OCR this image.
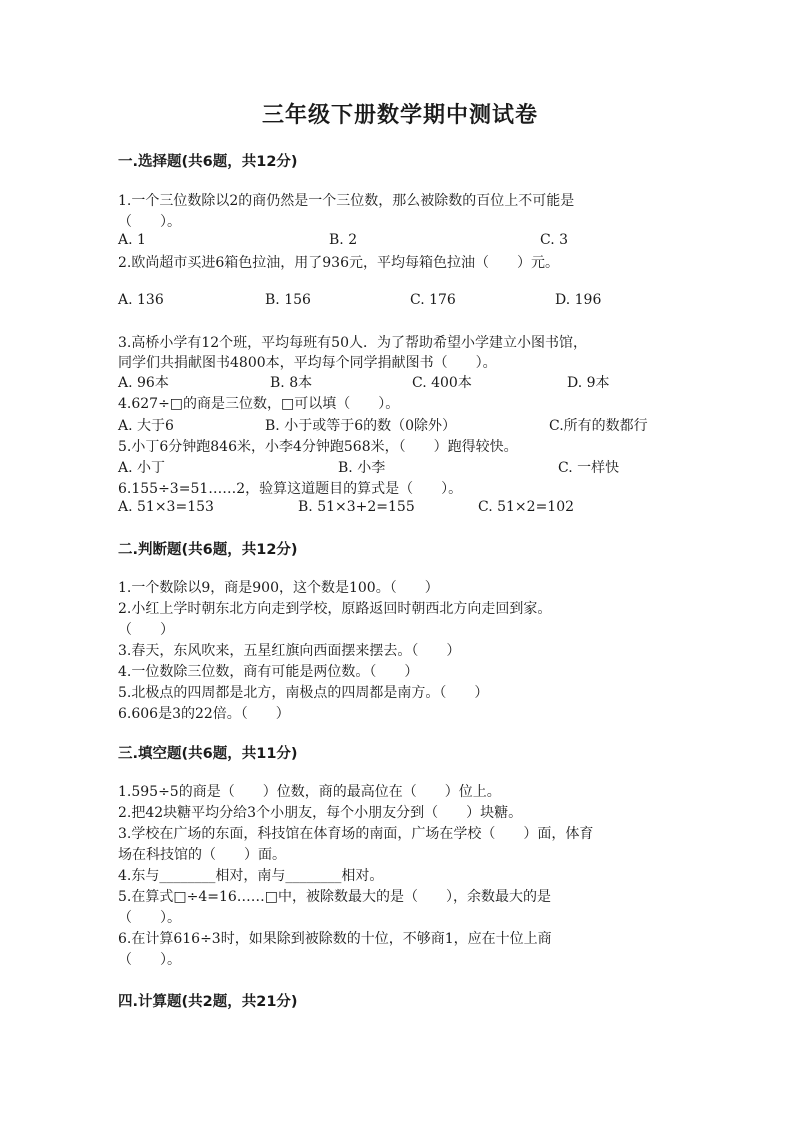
三年级下册数学期中测试卷
一.选择题(共6题，共12分)
1.一个三位数除以2的商仍然是一个三位数，那么被除数的百位上不可能是
（　　）。
A. 1	B. 2	C. 3
2.欧尚超市买进6箱色拉油，用了936元，平均每箱色拉油（　　）元。
A. 136	B. 156	C. 176	D. 196
3.高桥小学有12个班，平均每班有50人．为了帮助希望小学建立小图书馆，
同学们共捐献图书4800本，平均每个同学捐献图书（　　）。
A. 96本	B. 8本	C. 400本	D. 9本
4.627÷□的商是三位数，□可以填（　　）。
A. 大于6	B. 小于或等于6的数（0除外）	C.所有的数都行
5.小丁6分钟跑846米，小李4分钟跑568米，（　　）跑得较快。
A. 小丁	B. 小李	C. 一样快
6.155÷3=51……2，验算这道题目的算式是（　　）。
A. 51×3=153	B. 51×3+2=155	C. 51×2=102
二.判断题(共6题，共12分)
1.一个数除以9，商是900，这个数是100。（　　）
2.小红上学时朝东北方向走到学校，原路返回时朝西北方向走回到家。
（　　）
3.春天，东风吹来，五星红旗向西面摆来摆去。（　　）
4.一位数除三位数，商有可能是两位数。（　　）
5.北极点的四周都是北方，南极点的四周都是南方。（　　）
6.606是3的22倍。（　　）
三.填空题(共6题，共11分)
1.595÷5的商是（　　）位数，商的最高位在（　　）位上。
2.把42块糖平均分给3个小朋友，每个小朋友分到（　　）块糖。
3.学校在广场的东面，科技馆在体育场的南面，广场在学校（　　）面，体育
场在科技馆的（　　）面。
4.东与________相对，南与________相对。
5.在算式□÷4=16……□中，被除数最大的是（　　），余数最大的是
（　　）。
6.在计算616÷3时，如果除到被除数的十位，不够商1，应在十位上商
（　　）。
四.计算题(共2题，共21分)
